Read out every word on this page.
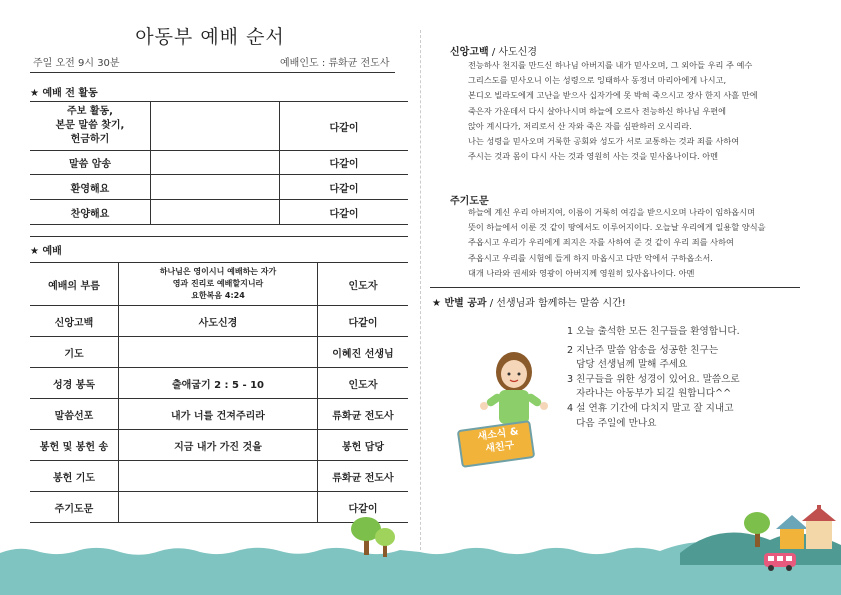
아동부 예배 순서
주일 오전 9시 30분	예배인도 : 류화균 전도사
★ 예배 전 활동
주보 활동,
본문 말씀 찾기,
헌금하기		다같이
말씀 암송		다같이
환영해요		다같이
찬양해요		다같이
★ 예배
예배의 부름	하나님은 영이시니 예배하는 자가
영과 진리로 예배할지니라
요한복음 4:24	인도자
신앙고백	사도신경	다같이
기도		이혜진 선생님
성경 봉독	출애굽기 2 : 5 - 10	인도자
말씀선포	내가 너를 건져주리라	류화균 전도사
봉헌 및 봉헌 송	지금 내가 가진 것을	봉헌 담당
봉헌 기도		류화균 전도사
주기도문		다같이
신앙고백 / 사도신경
전능하사 천지를 만드신 하나님 아버지를 내가 믿사오며, 그 외아들 우리 주 예수
그리스도를 믿사오니 이는 성령으로 잉태하사 동정녀 마리아에게 나시고,
본디오 빌라도에게 고난을 받으사 십자가에 못 박혀 죽으시고 장사 한지 사흘 만에
죽은자 가운데서 다시 살아나시며 하늘에 오르사 전능하신 하나님 우편에
앉아 계시다가, 저리로서 산 자와 죽은 자를 심판하러 오시리라.
나는 성령을 믿사오며 거룩한 공회와 성도가 서로 교통하는 것과 죄를 사하여
주시는 것과 몸이 다시 사는 것과 영원히 사는 것을 믿사옵나이다. 아멘
주기도문
하늘에 계신 우리 아버지여, 이름이 거룩히 여김을 받으시오며 나라이 임하옵시며
뜻이 하늘에서 이룬 것 같이 땅에서도 이루어지이다. 오늘날 우리에게 일용할 양식을
주옵시고 우리가 우리에게 죄지은 자를 사하여 준 것 같이 우리 죄를 사하여
주옵시고 우리를 시험에 들게 하지 마옵시고 다만 악에서 구하옵소서.
대개 나라와 권세와 영광이 아버지께 영원히 있사옵나이다. 아멘
★ 반별 공과 / 선생님과 함께하는 말씀 시간!
새소식 &
새친구
1 오늘 출석한 모든 친구들을 환영합니다.
2 지난주 말씀 암송을 성공한 친구는
담당 선생님께 말해 주세요
3 친구들을 위한 성경이 있어요. 말씀으로
자라나는 아동부가 되길 원합니다^^
4 설 연휴 기간에 다치지 말고 잘 지내고
다음 주일에 만나요
